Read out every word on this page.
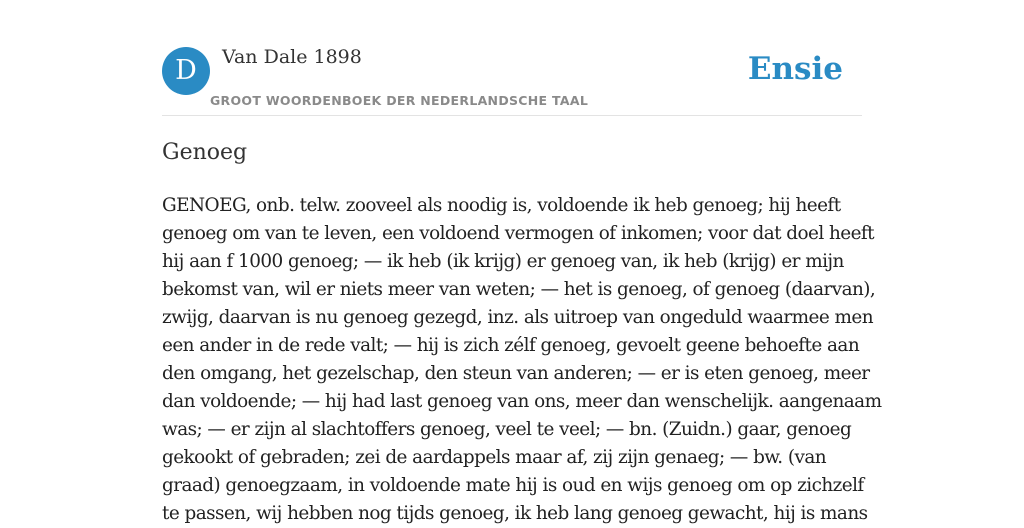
D	Van Dale 1898
GROOT WOORDENBOEK DER NEDERLANDSCHE TAAL
Ensie
Genoeg
GENOEG, onb. telw. zooveel als noodig is, voldoende ik heb genoeg; hij heeft
genoeg om van te leven, een voldoend vermogen of inkomen; voor dat doel heeft
hij aan f 1000 genoeg; — ik heb (ik krijg) er genoeg van, ik heb (krijg) er mijn
bekomst van, wil er niets meer van weten; — het is genoeg, of genoeg (daarvan),
zwijg, daarvan is nu genoeg gezegd, inz. als uitroep van ongeduld waarmee men
een ander in de rede valt; — hij is zich zélf genoeg, gevoelt geene behoefte aan
den omgang, het gezelschap, den steun van anderen; — er is eten genoeg, meer
dan voldoende; — hij had last genoeg van ons, meer dan wenschelijk. aangenaam
was; — er zijn al slachtoffers genoeg, veel te veel; — bn. (Zuidn.) gaar, genoeg
gekookt of gebraden; zei de aardappels maar af, zij zijn genaeg; — bw. (van
graad) genoegzaam, in voldoende mate hij is oud en wijs genoeg om op zichzelf
te passen, wij hebben nog tijds genoeg, ik heb lang genoeg gewacht, hij is mans
